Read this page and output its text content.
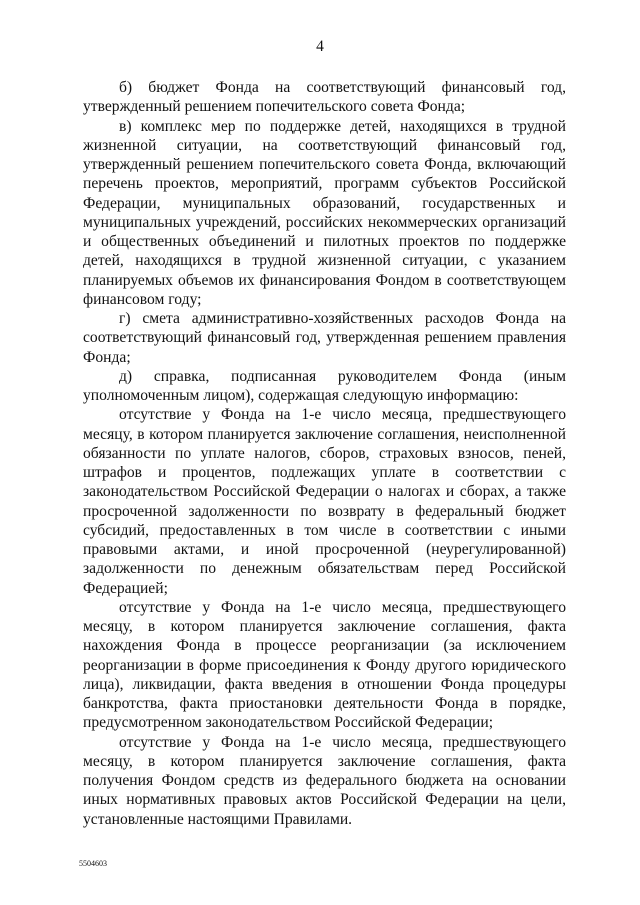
4

б) бюджет Фонда на соответствующий финансовый год, утвержденный решением попечительского совета Фонда;

в) комплекс мер по поддержке детей, находящихся в трудной жизненной ситуации, на соответствующий финансовый год, утвержденный решением попечительского совета Фонда, включающий перечень проектов, мероприятий, программ субъектов Российской Федерации, муниципальных образований, государственных и муниципальных учреждений, российских некоммерческих организаций и общественных объединений и пилотных проектов по поддержке детей, находящихся в трудной жизненной ситуации, с указанием планируемых объемов их финансирования Фондом в соответствующем финансовом году;

г) смета административно-хозяйственных расходов Фонда на соответствующий финансовый год, утвержденная решением правления Фонда;

д) справка, подписанная руководителем Фонда (иным уполномоченным лицом), содержащая следующую информацию:

отсутствие у Фонда на 1-е число месяца, предшествующего месяцу, в котором планируется заключение соглашения, неисполненной обязанности по уплате налогов, сборов, страховых взносов, пеней, штрафов и процентов, подлежащих уплате в соответствии с законодательством Российской Федерации о налогах и сборах, а также просроченной задолженности по возврату в федеральный бюджет субсидий, предоставленных в том числе в соответствии с иными правовыми актами, и иной просроченной (неурегулированной) задолженности по денежным обязательствам перед Российской Федерацией;

отсутствие у Фонда на 1-е число месяца, предшествующего месяцу, в котором планируется заключение соглашения, факта нахождения Фонда в процессе реорганизации (за исключением реорганизации в форме присоединения к Фонду другого юридического лица), ликвидации, факта введения в отношении Фонда процедуры банкротства, факта приостановки деятельности Фонда в порядке, предусмотренном законодательством Российской Федерации;

отсутствие у Фонда на 1-е число месяца, предшествующего месяцу, в котором планируется заключение соглашения, факта получения Фондом средств из федерального бюджета на основании иных нормативных правовых актов Российской Федерации на цели, установленные настоящими Правилами.

5504603
